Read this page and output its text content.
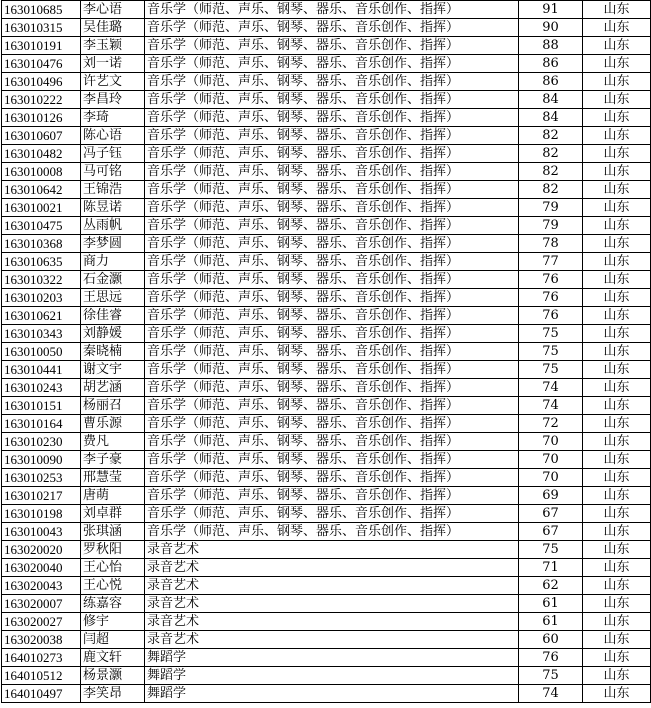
163010685	李心语	音乐学（师范、声乐、钢琴、器乐、音乐创作、指挥）	91	山东
163010315	吴佳璐	音乐学（师范、声乐、钢琴、器乐、音乐创作、指挥）	90	山东
163010191	李玉颖	音乐学（师范、声乐、钢琴、器乐、音乐创作、指挥）	88	山东
163010476	刘一诺	音乐学（师范、声乐、钢琴、器乐、音乐创作、指挥）	86	山东
163010496	许艺文	音乐学（师范、声乐、钢琴、器乐、音乐创作、指挥）	86	山东
163010222	李昌玲	音乐学（师范、声乐、钢琴、器乐、音乐创作、指挥）	84	山东
163010126	李琦	音乐学（师范、声乐、钢琴、器乐、音乐创作、指挥）	84	山东
163010607	陈心语	音乐学（师范、声乐、钢琴、器乐、音乐创作、指挥）	82	山东
163010482	冯子钰	音乐学（师范、声乐、钢琴、器乐、音乐创作、指挥）	82	山东
163010008	马可铭	音乐学（师范、声乐、钢琴、器乐、音乐创作、指挥）	82	山东
163010642	王锦浩	音乐学（师范、声乐、钢琴、器乐、音乐创作、指挥）	82	山东
163010021	陈昱诺	音乐学（师范、声乐、钢琴、器乐、音乐创作、指挥）	79	山东
163010475	丛雨帆	音乐学（师范、声乐、钢琴、器乐、音乐创作、指挥）	79	山东
163010368	李梦圆	音乐学（师范、声乐、钢琴、器乐、音乐创作、指挥）	78	山东
163010635	商力	音乐学（师范、声乐、钢琴、器乐、音乐创作、指挥）	77	山东
163010322	石金灏	音乐学（师范、声乐、钢琴、器乐、音乐创作、指挥）	76	山东
163010203	王思远	音乐学（师范、声乐、钢琴、器乐、音乐创作、指挥）	76	山东
163010621	徐佳睿	音乐学（师范、声乐、钢琴、器乐、音乐创作、指挥）	76	山东
163010343	刘静媛	音乐学（师范、声乐、钢琴、器乐、音乐创作、指挥）	75	山东
163010050	秦晓楠	音乐学（师范、声乐、钢琴、器乐、音乐创作、指挥）	75	山东
163010441	谢文宇	音乐学（师范、声乐、钢琴、器乐、音乐创作、指挥）	75	山东
163010243	胡艺涵	音乐学（师范、声乐、钢琴、器乐、音乐创作、指挥）	74	山东
163010151	杨丽召	音乐学（师范、声乐、钢琴、器乐、音乐创作、指挥）	74	山东
163010164	曹乐源	音乐学（师范、声乐、钢琴、器乐、音乐创作、指挥）	72	山东
163010230	费凡	音乐学（师范、声乐、钢琴、器乐、音乐创作、指挥）	70	山东
163010090	李子豪	音乐学（师范、声乐、钢琴、器乐、音乐创作、指挥）	70	山东
163010253	邢慧莹	音乐学（师范、声乐、钢琴、器乐、音乐创作、指挥）	70	山东
163010217	唐萌	音乐学（师范、声乐、钢琴、器乐、音乐创作、指挥）	69	山东
163010198	刘卓群	音乐学（师范、声乐、钢琴、器乐、音乐创作、指挥）	67	山东
163010043	张琪涵	音乐学（师范、声乐、钢琴、器乐、音乐创作、指挥）	67	山东
163020020	罗秋阳	录音艺术	75	山东
163020040	王心怡	录音艺术	71	山东
163020043	王心悦	录音艺术	62	山东
163020007	练嘉容	录音艺术	61	山东
163020027	修宇	录音艺术	61	山东
163020038	闫超	录音艺术	60	山东
164010273	鹿文轩	舞蹈学	76	山东
164010512	杨景灏	舞蹈学	75	山东
164010497	李笑昂	舞蹈学	74	山东
